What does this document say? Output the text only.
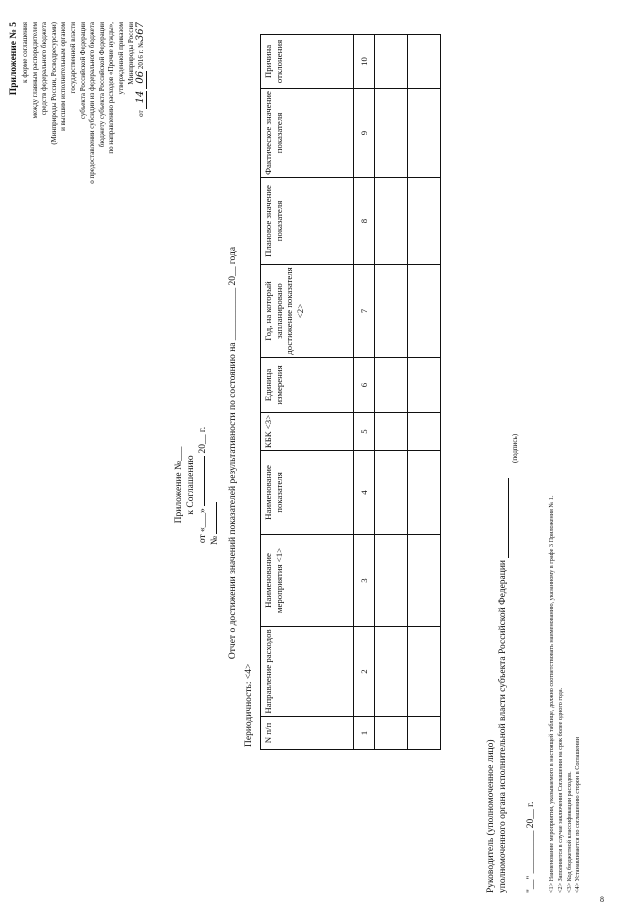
8
Приложение № 5 к форме соглашения между главным распорядителем средств федерального бюджета (Минприроды России, Росводресурсами) и высшим исполнительным органом государственной власти субъекта Российской Федерации о предоставлении субсидии из федерального бюджета бюджету субъекта Российской Федерации по направлению расходов «Прочие нужды», утвержденной приказом Минприроды России
от 14 06 2016 г. №367
Приложение №___ к Соглашению
от «___»  20__ г.
№ Отчет о достижении значений показателей результативности по состоянию на ___________ 20__ года
Периодичность: <4> N п/п	Направление расходов	Наименование мероприятия <1>	Наименование показателя	КБК <3>	Единица измерения	Год, на который запланировано достижение показателя <2>	Плановое значение показателя	Фактическое значение показателя	Причина отклонения
1	2	3	4	5	6	7	8	9	10

Руководитель (уполномоченное лицо) уполномоченного органа исполнительной власти субъекта Российской Федерации
(подпись)
"__" _________ 20__ г. <1> Наименование мероприятия, указываемого в настоящей таблице, должно соответствовать наименованию, указанному в графе 3 Приложения № 1. <2> Заполняется в случае заключения Соглашения на срок более одного года. <3> Код бюджетной классификации расходов. <4> Устанавливается по соглашению сторон в Соглашении
